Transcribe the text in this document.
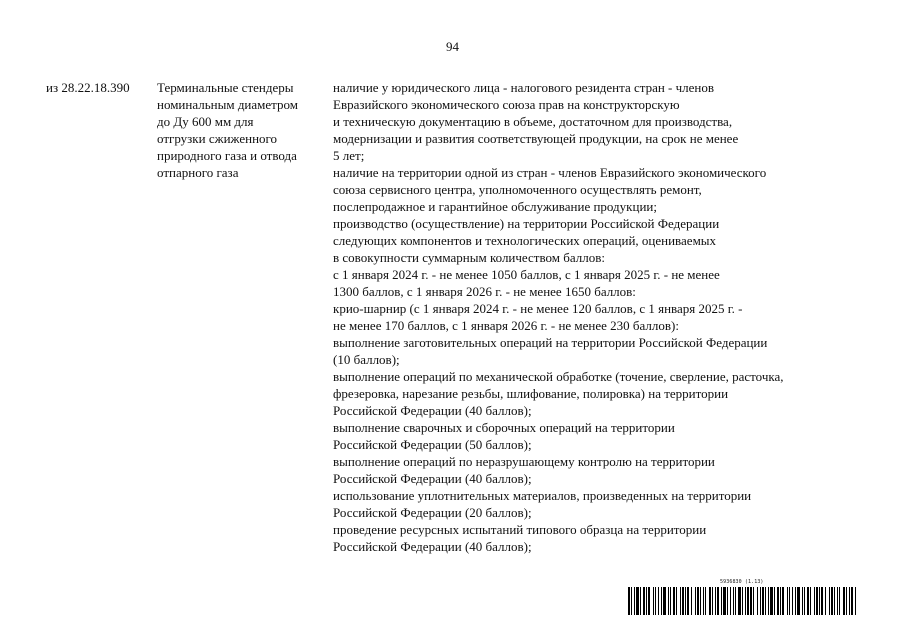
94
из 28.22.18.390	Терминальные стендеры
номинальным диаметром
до Ду 600 мм для
отгрузки сжиженного
природного газа и отвода
отпарного газа
наличие у юридического лица - налогового резидента стран - членов
Евразийского экономического союза прав на конструкторскую
и техническую документацию в объеме, достаточном для производства,
модернизации и развития соответствующей продукции, на срок не менее
5 лет;
наличие на территории одной из стран - членов Евразийского экономического
союза сервисного центра, уполномоченного осуществлять ремонт,
послепродажное и гарантийное обслуживание продукции;
производство (осуществление) на территории Российской Федерации
следующих компонентов и технологических операций, оцениваемых
в совокупности суммарным количеством баллов:
с 1 января 2024 г. - не менее 1050 баллов, с 1 января 2025 г. - не менее
1300 баллов, с 1 января 2026 г. - не менее 1650 баллов:
крио-шарнир (с 1 января 2024 г. - не менее 120 баллов, с 1 января 2025 г. -
не менее 170 баллов, с 1 января 2026 г. - не менее 230 баллов):
выполнение заготовительных операций на территории Российской Федерации
(10 баллов);
выполнение операций по механической обработке (точение, сверление, расточка,
фрезеровка, нарезание резьбы, шлифование, полировка) на территории
Российской Федерации (40 баллов);
выполнение сварочных и сборочных операций на территории
Российской Федерации (50 баллов);
выполнение операций по неразрушающему контролю на территории
Российской Федерации (40 баллов);
использование уплотнительных материалов, произведенных на территории
Российской Федерации (20 баллов);
проведение ресурсных испытаний типового образца на территории
Российской Федерации (40 баллов);
5936830 (1.13)
